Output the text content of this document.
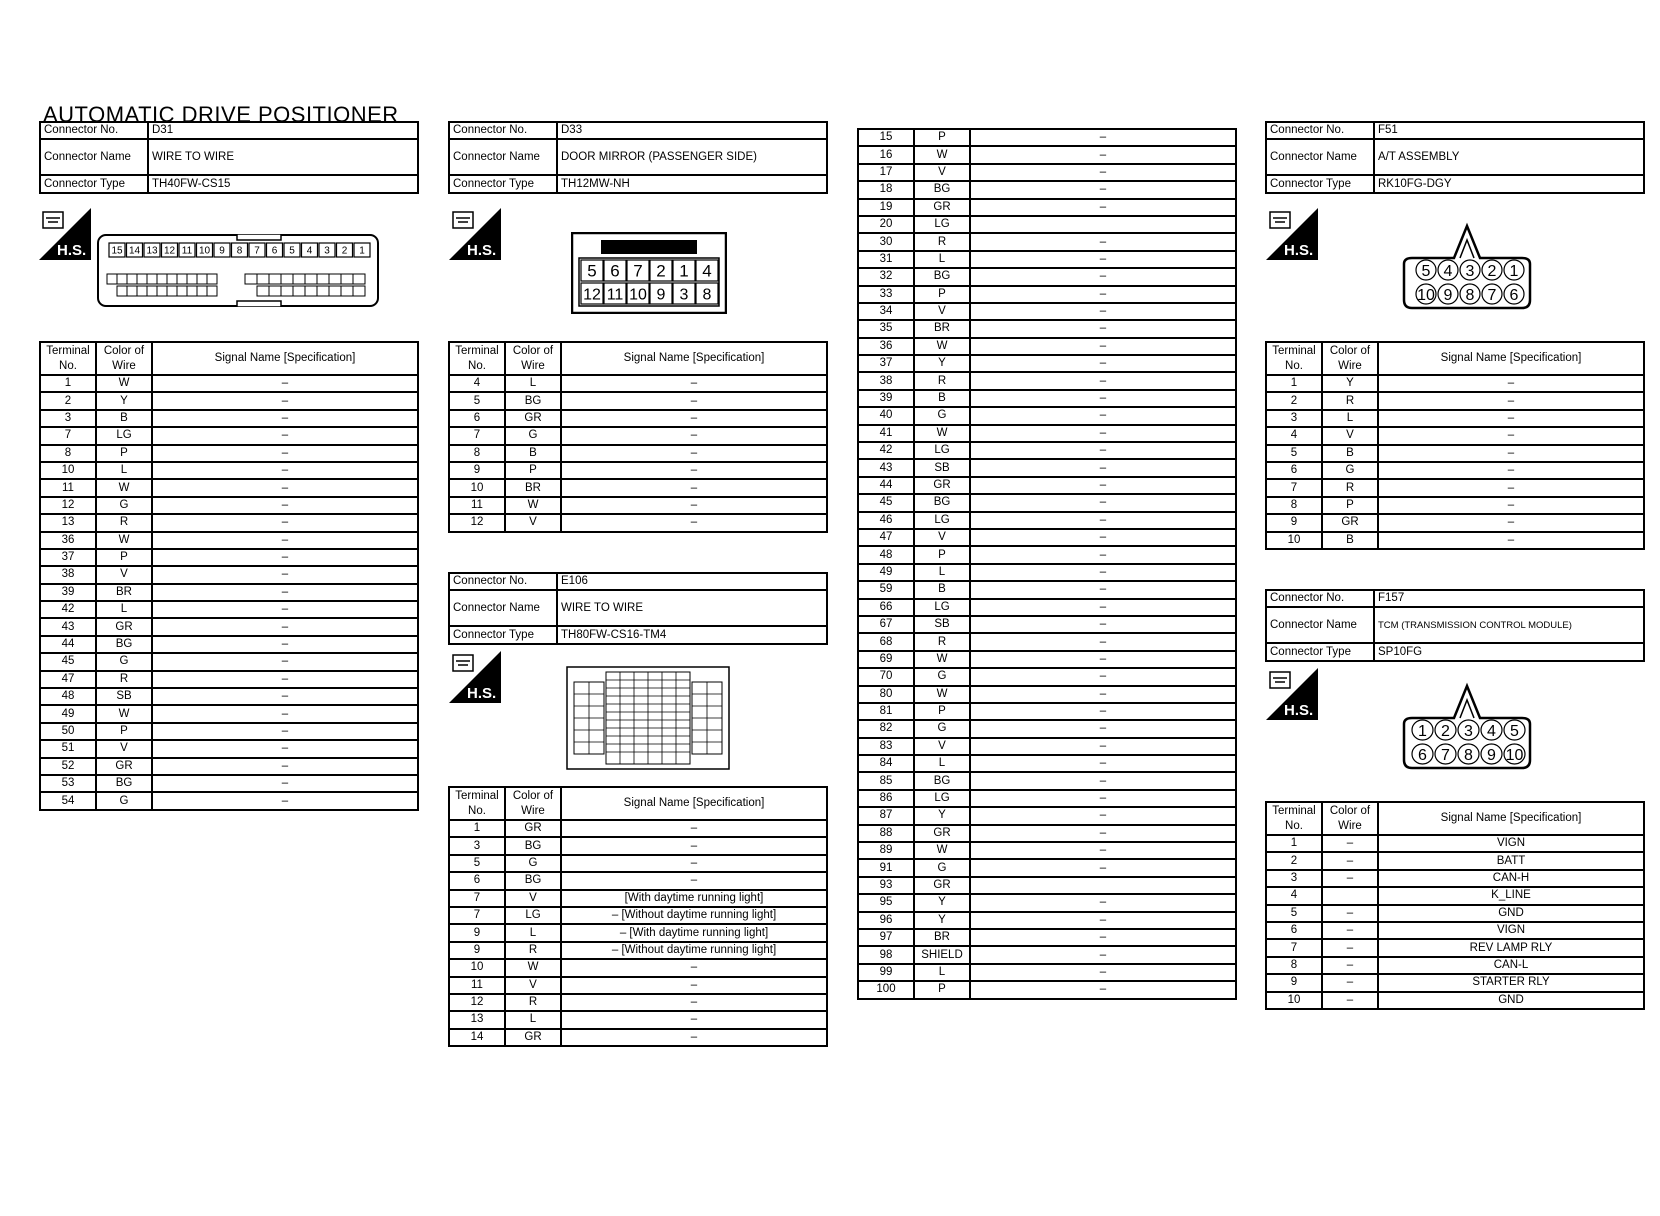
AUTOMATIC DRIVE POSITIONER
Connector No.	D31
Connector Name	WIRE TO WIRE
Connector Type	TH40FW-CS15
H.S.	15 14 13 12 11 10 9 8 7 6 5 4 3 2 1
Terminal No.	Color of Wire	Signal Name [Specification]
1	W	–
2	Y	–
3	B	–
7	LG	–
8	P	–
10	L	–
11	W	–
12	G	–
13	R	–
36	W	–
37	P	–
38	V	–
39	BR	–
42	L	–
43	GR	–
44	BG	–
45	G	–
47	R	–
48	SB	–
49	W	–
50	P	–
51	V	–
52	GR	–
53	BG	–
54	G	–
Connector No.	D33
Connector Name	DOOR MIRROR (PASSENGER SIDE)
Connector Type	TH12MW-NH
H.S.
5 6 7 2 1 4
12 11 10 9 3 8
Terminal No.	Color of Wire	Signal Name [Specification]
4	L	–
5	BG	–
6	GR	–
7	G	–
8	B	–
9	P	–
10	BR	–
11	W	–
12	V	–
Connector No.	E106
Connector Name	WIRE TO WIRE
Connector Type	TH80FW-CS16-TM4
H.S.
Terminal No.	Color of Wire	Signal Name [Specification]
1	GR	–
3	BG	–
5	G	–
6	BG	–
7	V	[With daytime running light]
7	LG	– [Without daytime running light]
9	L	– [With daytime running light]
9	R	– [Without daytime running light]
10	W	–
11	V	–
12	R	–
13	L	–
14	GR	–
15	P	–
16	W	–
17	V	–
18	BG	–
19	GR	–
20	LG	
30	R	–
31	L	–
32	BG	–
33	P	–
34	V	–
35	BR	–
36	W	–
37	Y	–
38	R	–
39	B	–
40	G	–
41	W	–
42	LG	–
43	SB	–
44	GR	–
45	BG	–
46	LG	–
47	V	–
48	P	–
49	L	–
59	B	–
66	LG	–
67	SB	–
68	R	–
69	W	–
70	G	–
80	W	–
81	P	–
82	G	–
83	V	–
84	L	–
85	BG	–
86	LG	–
87	Y	–
88	GR	–
89	W	–
91	G	–
93	GR	
95	Y	–
96	Y	–
97	BR	–
98	SHIELD	–
99	L	–
100	P	–
Connector No.	F51
Connector Name	A/T ASSEMBLY
Connector Type	RK10FG-DGY
H.S.
5 4 3 2 1
10 9 8 7 6
Terminal No.	Color of Wire	Signal Name [Specification]
1	Y	–
2	R	–
3	L	–
4	V	–
5	B	–
6	G	–
7	R	–
8	P	–
9	GR	–
10	B	–
Connector No.	F157
Connector Name	TCM (TRANSMISSION CONTROL MODULE)
Connector Type	SP10FG
H.S.
1 2 3 4 5
6 7 8 9 10
Terminal No.	Color of Wire	Signal Name [Specification]
1	–	VIGN
2	–	BATT
3	–	CAN-H
4		K_LINE
5	–	GND
6	–	VIGN
7	–	REV LAMP RLY
8	–	CAN-L
9	–	STARTER RLY
10	–	GND
